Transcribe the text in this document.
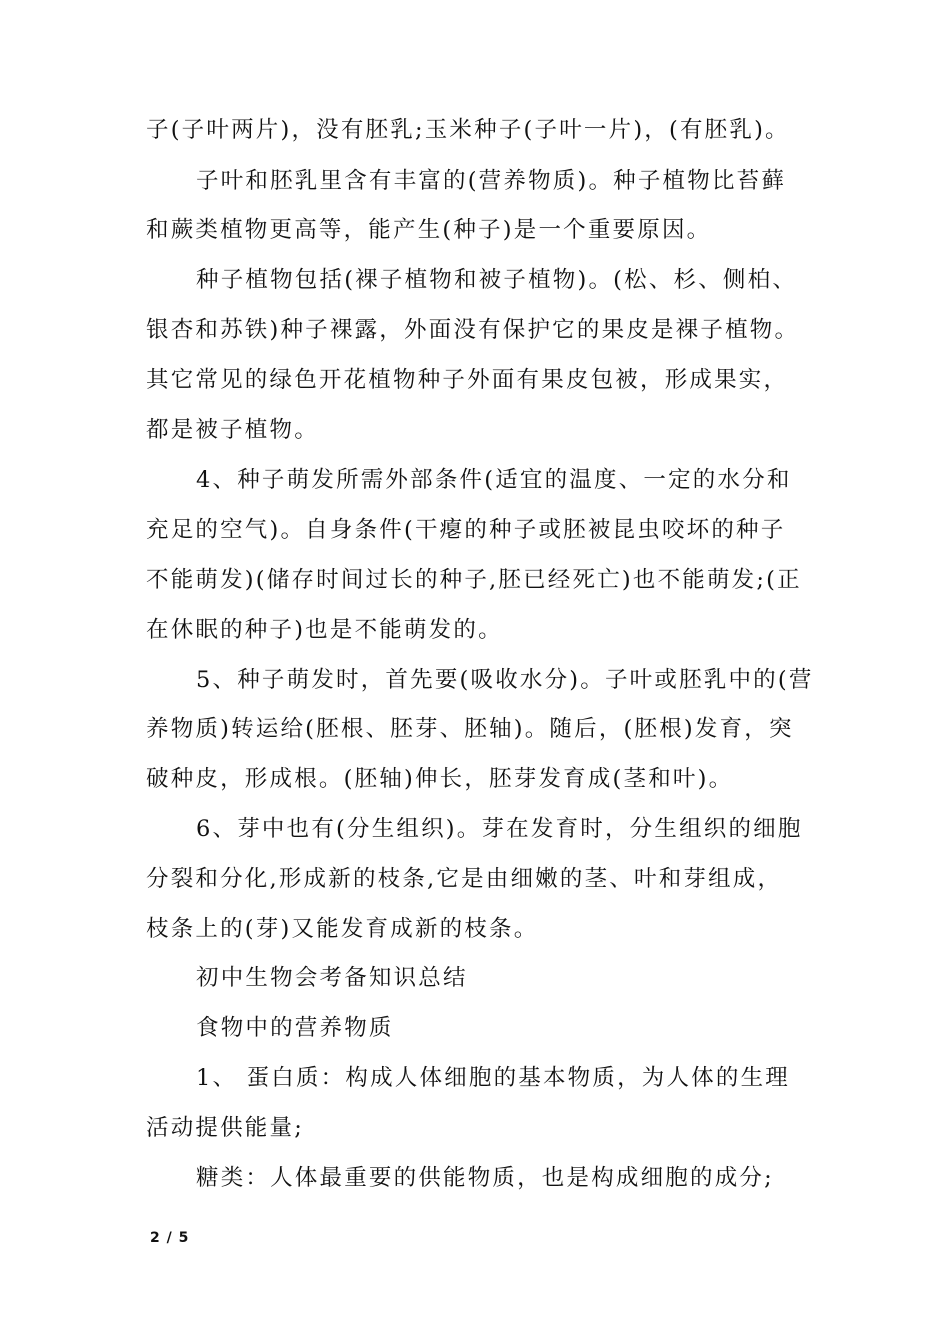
子(子叶两片)，没有胚乳;玉米种子(子叶一片)，(有胚乳)。
子叶和胚乳里含有丰富的(营养物质)。种子植物比苔藓
和蕨类植物更高等，能产生(种子)是一个重要原因。
种子植物包括(裸子植物和被子植物)。(松、杉、侧柏、
银杏和苏铁)种子裸露，外面没有保护它的果皮是裸子植物。
其它常见的绿色开花植物种子外面有果皮包被，形成果实，
都是被子植物。
4、种子萌发所需外部条件(适宜的温度、一定的水分和
充足的空气)。自身条件(干瘪的种子或胚被昆虫咬坏的种子
不能萌发)(储存时间过长的种子,胚已经死亡)也不能萌发;(正
在休眠的种子)也是不能萌发的。
5、种子萌发时，首先要(吸收水分)。子叶或胚乳中的(营
养物质)转运给(胚根、胚芽、胚轴)。随后，(胚根)发育，突
破种皮，形成根。(胚轴)伸长，胚芽发育成(茎和叶)。
6、芽中也有(分生组织)。芽在发育时，分生组织的细胞
分裂和分化,形成新的枝条,它是由细嫩的茎、叶和芽组成，
枝条上的(芽)又能发育成新的枝条。
初中生物会考备知识总结
食物中的营养物质
1、 蛋白质：构成人体细胞的基本物质，为人体的生理
活动提供能量;
糖类：人体最重要的供能物质，也是构成细胞的成分;
2 / 5
